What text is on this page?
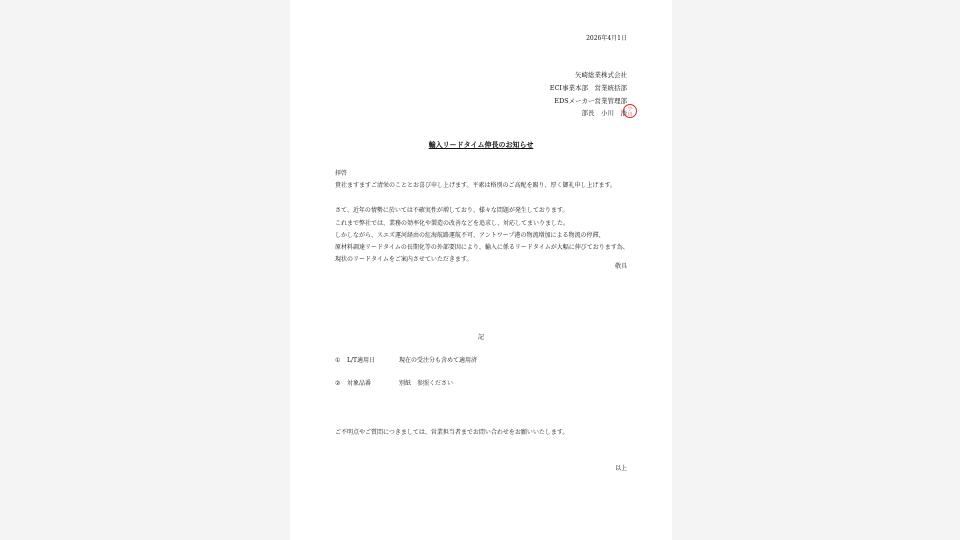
2026年4月1日
矢崎総業株式会社
ECI事業本部　営業統括部
EDSメーカー営業管理部
部長　小川　浩
小
川
輸入リードタイム伸長のお知らせ

拝啓

貴社ますますご清栄のこととお喜び申し上げます。平素は格別のご高配を賜り、厚く御礼申し上げます。

さて、近年の情勢に於いては不確実性が増しており、様々な問題が発生しております。

これまで弊社では、業務の効率化や製造の改善などを追求し、対応してまいりました。

しかしながら、スエズ運河経由の紅海航路運航不可、アントワープ港の物流増加による物流の停滞、

原材料調達リードタイムの長期化等の外部要因により、輸入に係るリードタイムが大幅に伸びております為、

現状のリードタイムをご案内させていただきます。

敬具
記
① L/T適用日	現在の受注分も含めて適用済
② 対象品番	別紙　参照ください
ご不明点やご質問につきましては、営業担当者までお問い合わせをお願いいたします。
以上
